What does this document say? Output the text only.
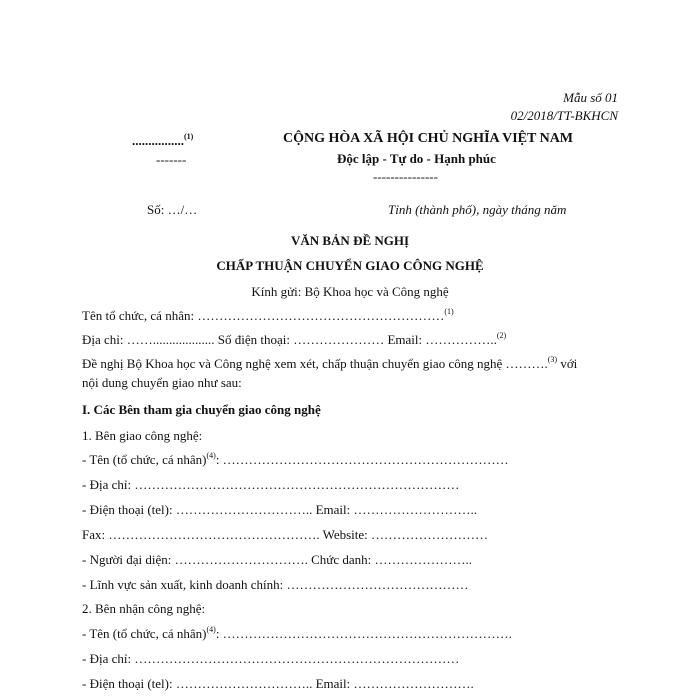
Mẫu số 01
02/2018/TT-BKHCN
................$^{(1)}$
-------
CỘNG HÒA XÃ HỘI CHỦ NGHĨA VIỆT NAM
Độc lập - Tự do - Hạnh phúc
---------------
Số: …/…	Tỉnh (thành phố), ngày tháng năm
VĂN BẢN ĐỀ NGHỊ
CHẤP THUẬN CHUYỂN GIAO CÔNG NGHỆ
Kính gửi: Bộ Khoa học và Công nghệ
Tên tổ chức, cá nhân: …………………………………………………$^{(1)}$
Địa chỉ: ……................... Số điện thoại: ………………… Email: ……………..$^{(2)}$
Đề nghị Bộ Khoa học và Công nghệ xem xét, chấp thuận chuyển giao công nghệ ……….$^{(3)}$ với
nội dung chuyển giao như sau:
I. Các Bên tham gia chuyển giao công nghệ
1. Bên giao công nghệ:
- Tên (tổ chức, cá nhân)$^{(4)}$: …………………………………………………………
- Địa chỉ: …………………………………………………………………
- Điện thoại (tel): ………………………….. Email: ………………………..
Fax: …………………………………………. Website: ………………………
- Người đại diện: …………………………. Chức danh: …………………..
- Lĩnh vực sản xuất, kinh doanh chính: ……………………………………
2. Bên nhận công nghệ:
- Tên (tổ chức, cá nhân)$^{(4)}$: ………………………………………………………….
- Địa chỉ: …………………………………………………………………
- Điện thoại (tel): ………………………….. Email: ……………………….
